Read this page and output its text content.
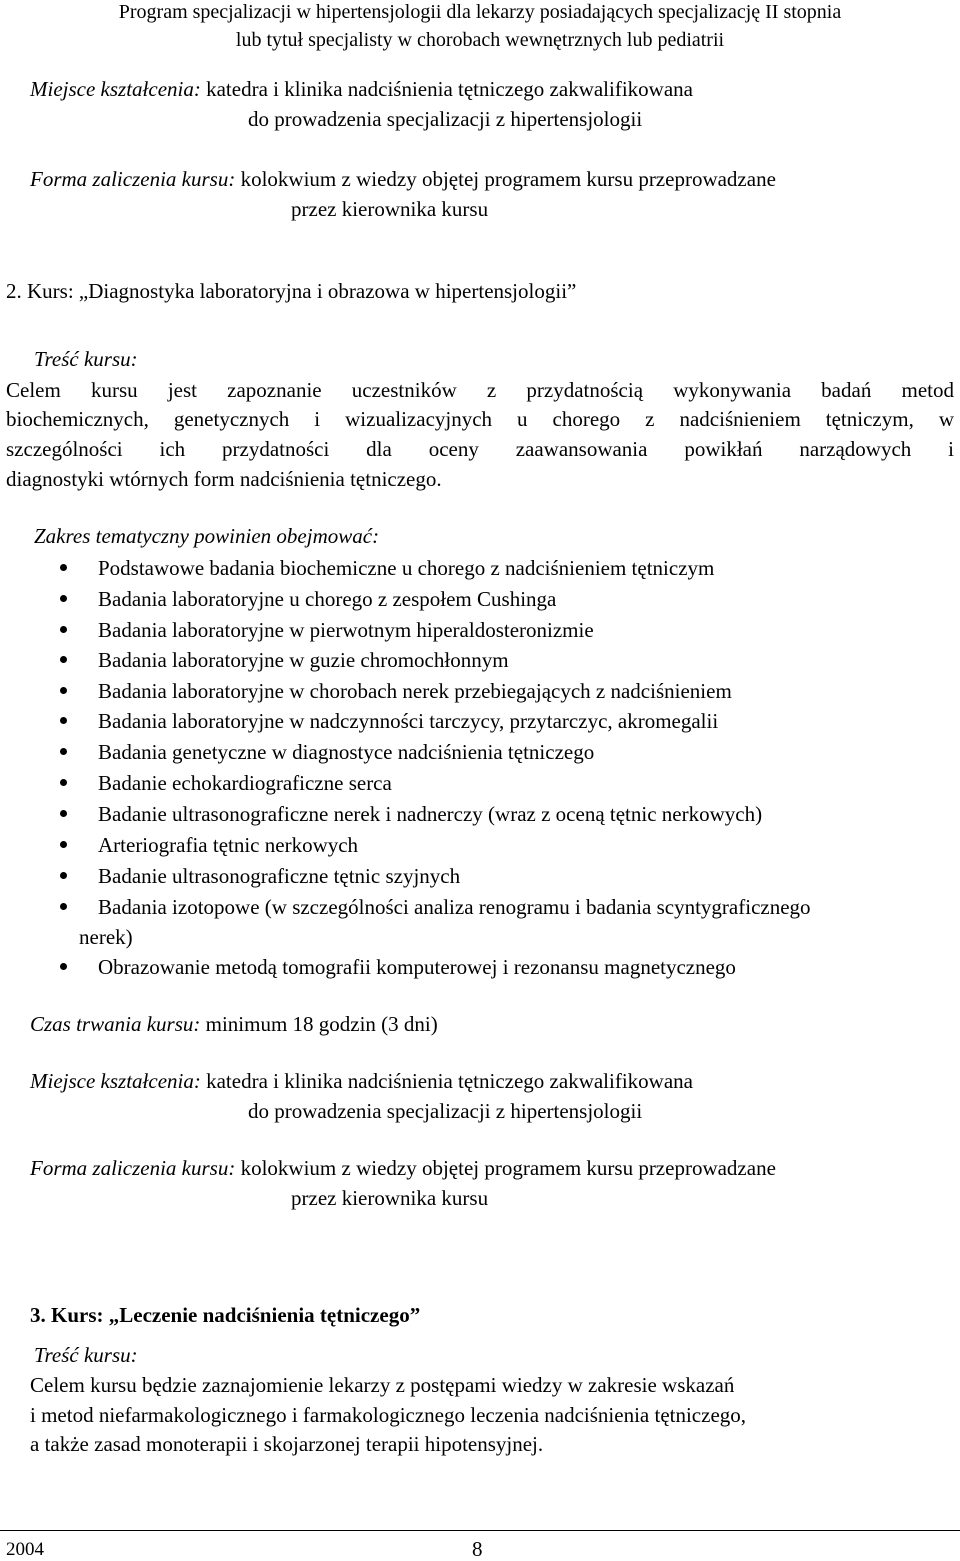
Program specjalizacji w hipertensjologii dla lekarzy posiadających specjalizację II stopnia
lub tytuł specjalisty w chorobach wewnętrznych lub pediatrii
Miejsce kształcenia: katedra i klinika nadciśnienia tętniczego zakwalifikowana
do prowadzenia specjalizacji z hipertensjologii
Forma zaliczenia kursu: kolokwium z wiedzy objętej programem kursu przeprowadzane
przez kierownika kursu
2. Kurs: „Diagnostyka laboratoryjna i obrazowa w hipertensjologii”
Treść kursu:
Celem kursu jest zapoznanie uczestników z przydatnością wykonywania badań metod
biochemicznych, genetycznych i wizualizacyjnych u chorego z nadciśnieniem tętniczym, w
szczególności ich przydatności dla oceny zaawansowania powikłań narządowych i
diagnostyki wtórnych form nadciśnienia tętniczego.
Zakres tematyczny powinien obejmować:
Podstawowe badania biochemiczne u chorego z nadciśnieniem tętniczym
Badania laboratoryjne u chorego z zespołem Cushinga
Badania laboratoryjne w pierwotnym hiperaldosteronizmie
Badania laboratoryjne w guzie chromochłonnym
Badania laboratoryjne w chorobach nerek przebiegających z nadciśnieniem
Badania laboratoryjne w nadczynności tarczycy, przytarczyc, akromegalii
Badania genetyczne w diagnostyce nadciśnienia tętniczego
Badanie echokardiograficzne serca
Badanie ultrasonograficzne nerek i nadnerczy (wraz z oceną tętnic nerkowych)
Arteriografia tętnic nerkowych
Badanie ultrasonograficzne tętnic szyjnych
Badania izotopowe (w szczególności analiza renogramu i badania scyntygraficznego
nerek)
Obrazowanie metodą tomografii komputerowej i rezonansu magnetycznego
Czas trwania kursu: minimum 18 godzin (3 dni)
Miejsce kształcenia: katedra i klinika nadciśnienia tętniczego zakwalifikowana
do prowadzenia specjalizacji z hipertensjologii
Forma zaliczenia kursu: kolokwium z wiedzy objętej programem kursu przeprowadzane
przez kierownika kursu
3. Kurs: „Leczenie nadciśnienia tętniczego”
Treść kursu:
Celem kursu będzie zaznajomienie lekarzy z postępami wiedzy w zakresie wskazań
i metod niefarmakologicznego i farmakologicznego leczenia nadciśnienia tętniczego,
a także zasad monoterapii i skojarzonej terapii hipotensyjnej.
2004	8
